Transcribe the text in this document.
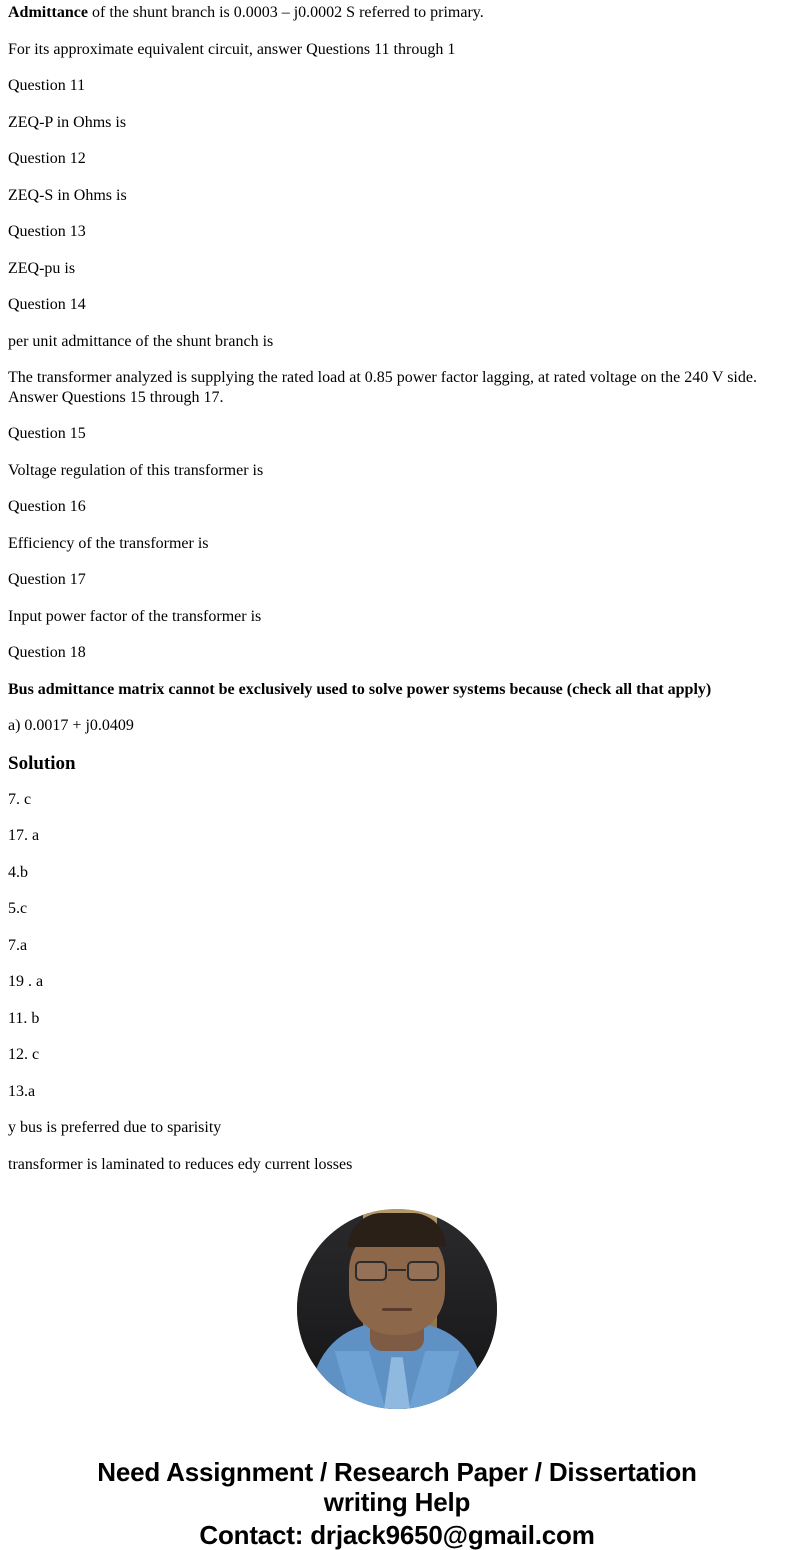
Admittance of the shunt branch is 0.0003 – j0.0002 S referred to primary.

For its approximate equivalent circuit, answer Questions 11 through 1

Question 11

ZEQ-P in Ohms is

Question 12

ZEQ-S in Ohms is

Question 13

ZEQ-pu is

Question 14

per unit admittance of the shunt branch is

The transformer analyzed is supplying the rated load at 0.85 power factor lagging, at rated voltage on the 240 V side. Answer Questions 15 through 17.

Question 15

Voltage regulation of this transformer is

Question 16

Efficiency of the transformer is

Question 17

Input power factor of the transformer is

Question 18

Bus admittance matrix cannot be exclusively used to solve power systems because (check all that apply)

a) 0.0017 + j0.0409

Solution

7. c

17. a

4.b

5.c

7.a

19 . a

11. b

12. c

13.a

y bus is preferred due to sparisity

transformer is laminated to reduces edy current losses

Need Assignment / Research Paper / Dissertation
writing Help
Contact: drjack9650@gmail.com
